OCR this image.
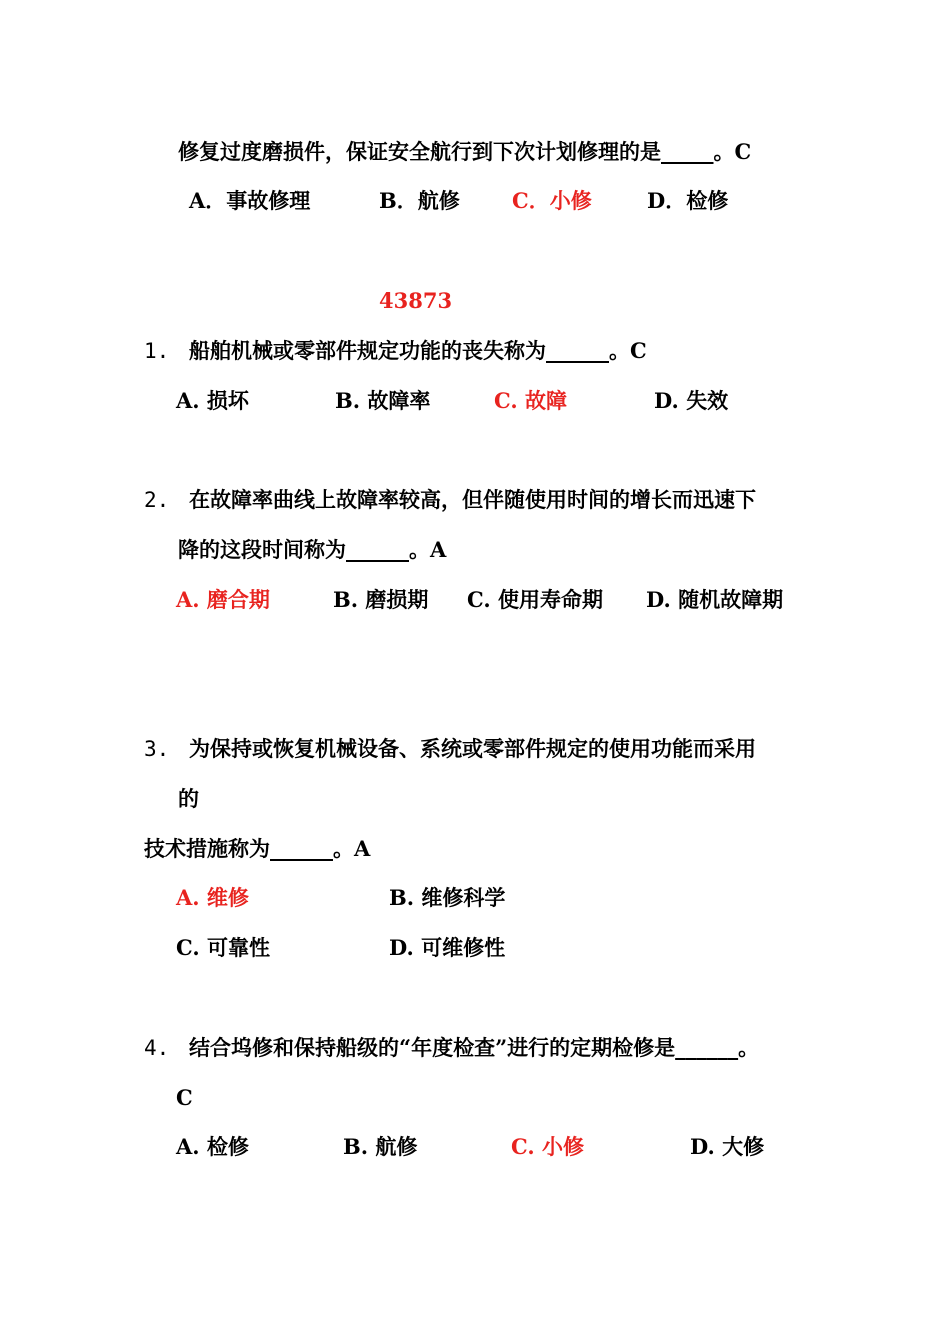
修复过度磨损件，保证安全航行到下次计划修理的是_____。C

A．事故修理	B．航修 C．小修	D．检修

43873

1. 船舶机械或零部件规定功能的丧失称为______。C

A. 损坏	B. 故障率	C. 故障	D. 失效

2. 在故障率曲线上故障率较高，但伴随使用时间的增长而迅速下

降的这段时间称为______。A

A. 磨合期	B. 磨损期 C. 使用寿命期 D. 随机故障期

3. 为保持或恢复机械设备、系统或零部件规定的使用功能而采用

的

技术措施称为______。A

A. 维修	B. 维修科学

C. 可靠性	D. 可维修性

4. 结合坞修和保持船级的“年度检查”进行的定期检修是______。

C

A. 检修	B. 航修	C. 小修	D. 大修
